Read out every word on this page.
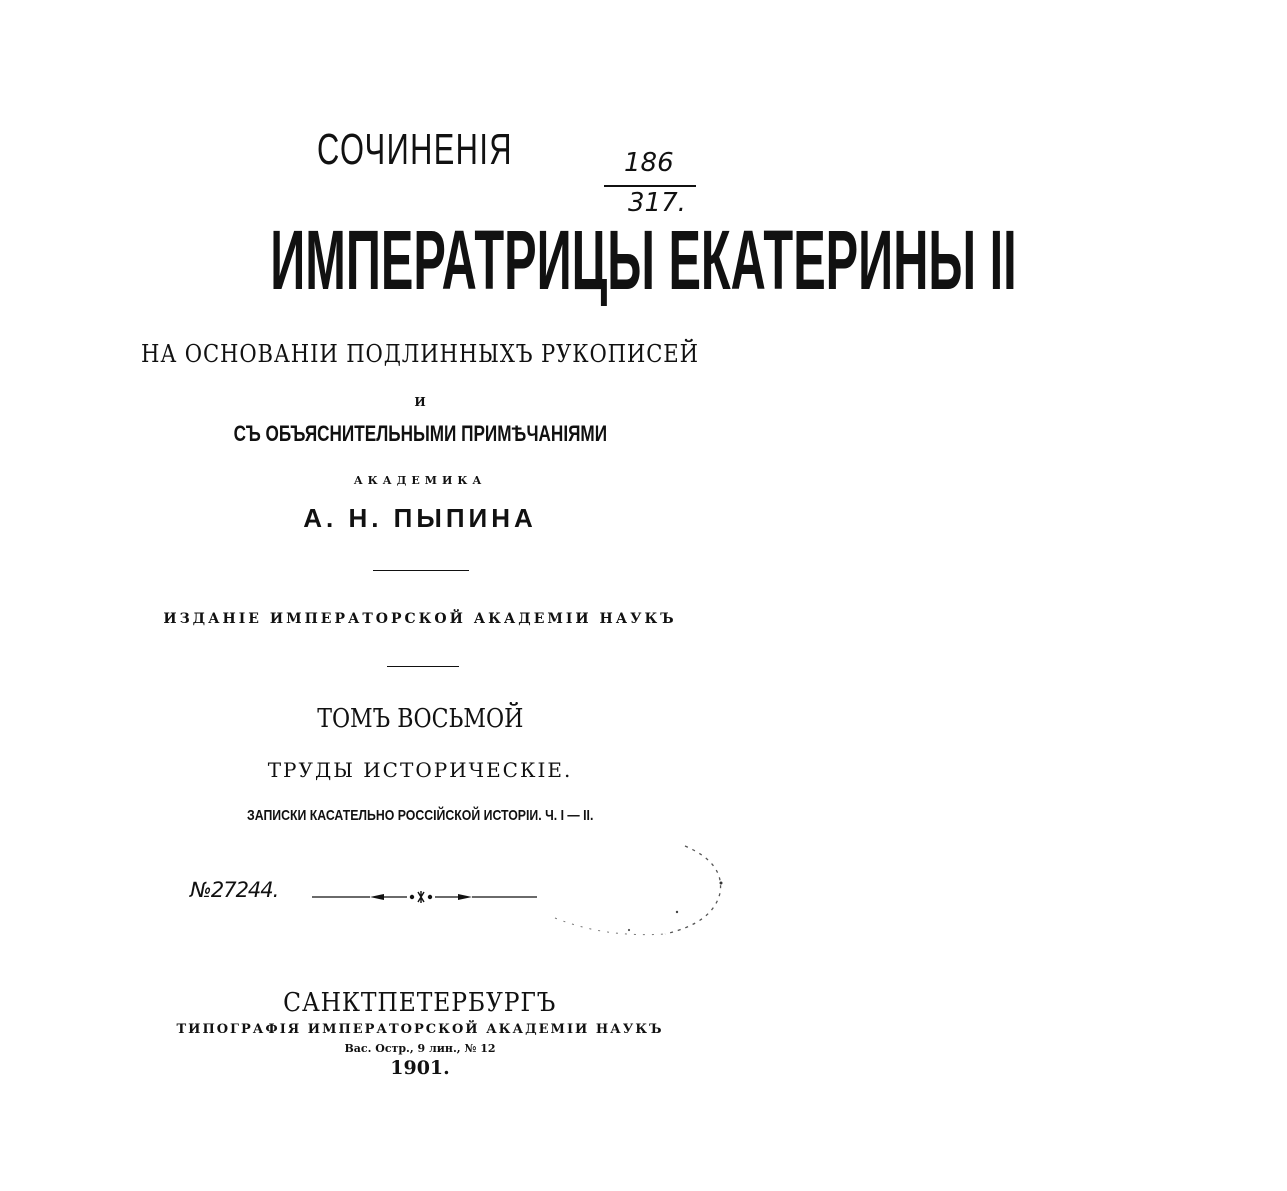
СОЧИНЕНІЯ	186
317.
ИМПЕРАТРИЦЫ ЕКАТЕРИНЫ II
НА ОСНОВАНІИ ПОДЛИННЫХЪ РУКОПИСЕЙ
И
СЪ ОБЪЯСНИТЕЛЬНЫМИ ПРИМѢЧАНІЯМИ
АКАДЕМИКА
А. Н. ПЫПИНА
ИЗДАНІЕ ИМПЕРАТОРСКОЙ АКАДЕМІИ НАУКЪ
ТОМЪ ВОСЬМОЙ
ТРУДЫ ИСТОРИЧЕСКІЕ.
ЗАПИСКИ КАСАТЕЛЬНО РОССІЙСКОЙ ИСТОРІИ. Ч. I — II.
№27244.
САНКТПЕТЕРБУРГЪ
ТИПОГРАФІЯ ИМПЕРАТОРСКОЙ АКАДЕМІИ НАУКЪ
Вас. Остр., 9 лин., № 12
1901.
